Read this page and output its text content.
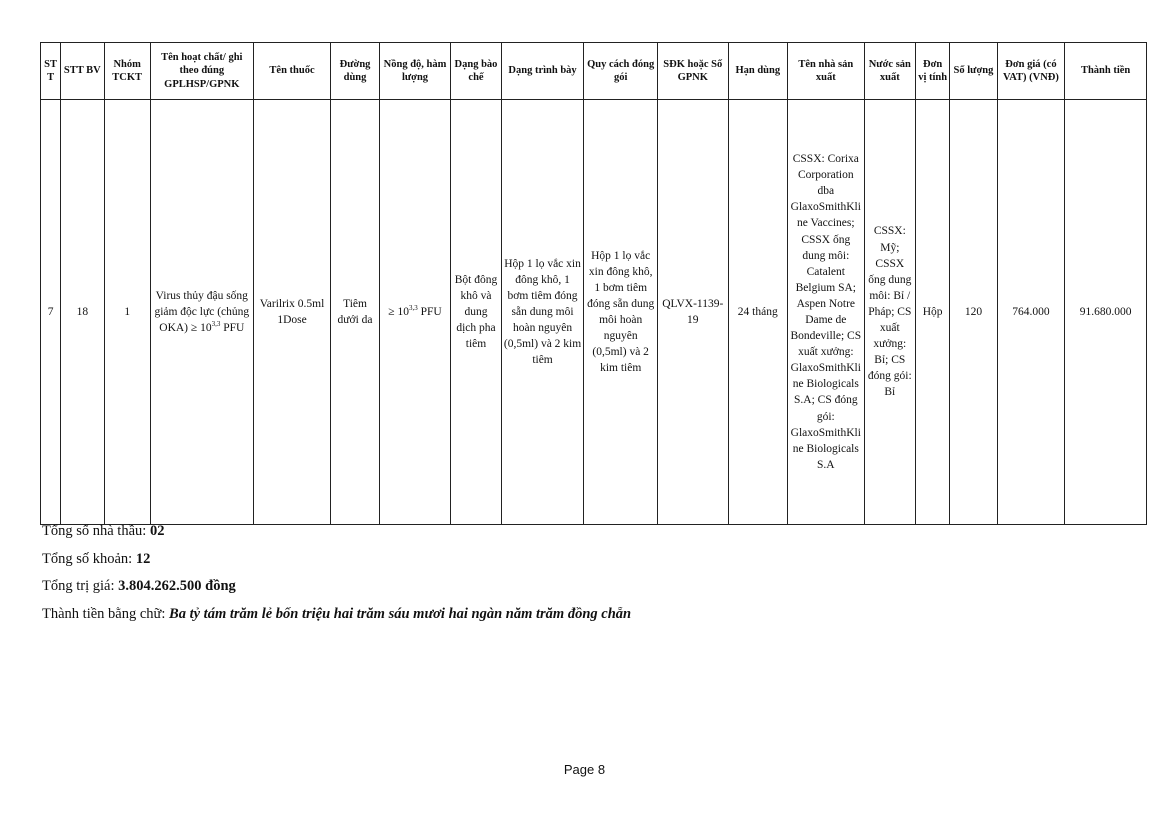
STT	STT BV	Nhóm TCKT	Tên hoạt chất/ ghi theo đúng GPLHSP/GPNK	Tên thuốc	Đường dùng	Nồng độ, hàm lượng	Dạng bào chế	Dạng trình bày	Quy cách đóng gói	SĐK hoặc Số GPNK	Hạn dùng	Tên nhà sản xuất	Nước sản xuất	Đơn vị tính	Số lượng	Đơn giá (có VAT) (VNĐ)	Thành tiền
7	18	1	Virus thủy đậu sống giảm độc lực (chủng $OKA) \ge 10^{3,3}$ PFU	Varilrix 0.5ml 1Dose	Tiêm dưới da	≥ $10^{3,3}$ PFU	Bột đông khô và dung dịch pha tiêm	Hộp 1 lọ vắc xin đông khô, 1 bơm tiêm đóng sẵn dung môi hoàn nguyên (0,5ml) và 2 kim tiêm	Hộp 1 lọ vắc xin đông khô, 1 bơm tiêm đóng sẵn dung môi hoàn nguyên (0,5ml) và 2 kim tiêm	QLVX-1139-19	24 tháng	CSSX: Corixa Corporation dba GlaxoSmithKline Vaccines; CSSX ống dung môi: Catalent Belgium SA; Aspen Notre Dame de Bondeville; CS xuất xưởng: GlaxoSmithKline Biologicals S.A; CS đóng gói: GlaxoSmithKline Biologicals S.A	CSSX: Mỹ; CSSX ống dung môi: Bỉ / Pháp; CS xuất xưởng: Bỉ; CS đóng gói: Bỉ	Hộp	120	764.000	91.680.000
Tổng số nhà thầu: 02
Tổng số khoản: 12
Tổng trị giá: 3.804.262.500 đồng
Thành tiền bằng chữ: Ba tỷ tám trăm lẻ bốn triệu hai trăm sáu mươi hai ngàn năm trăm đồng chẵn
Page 8
